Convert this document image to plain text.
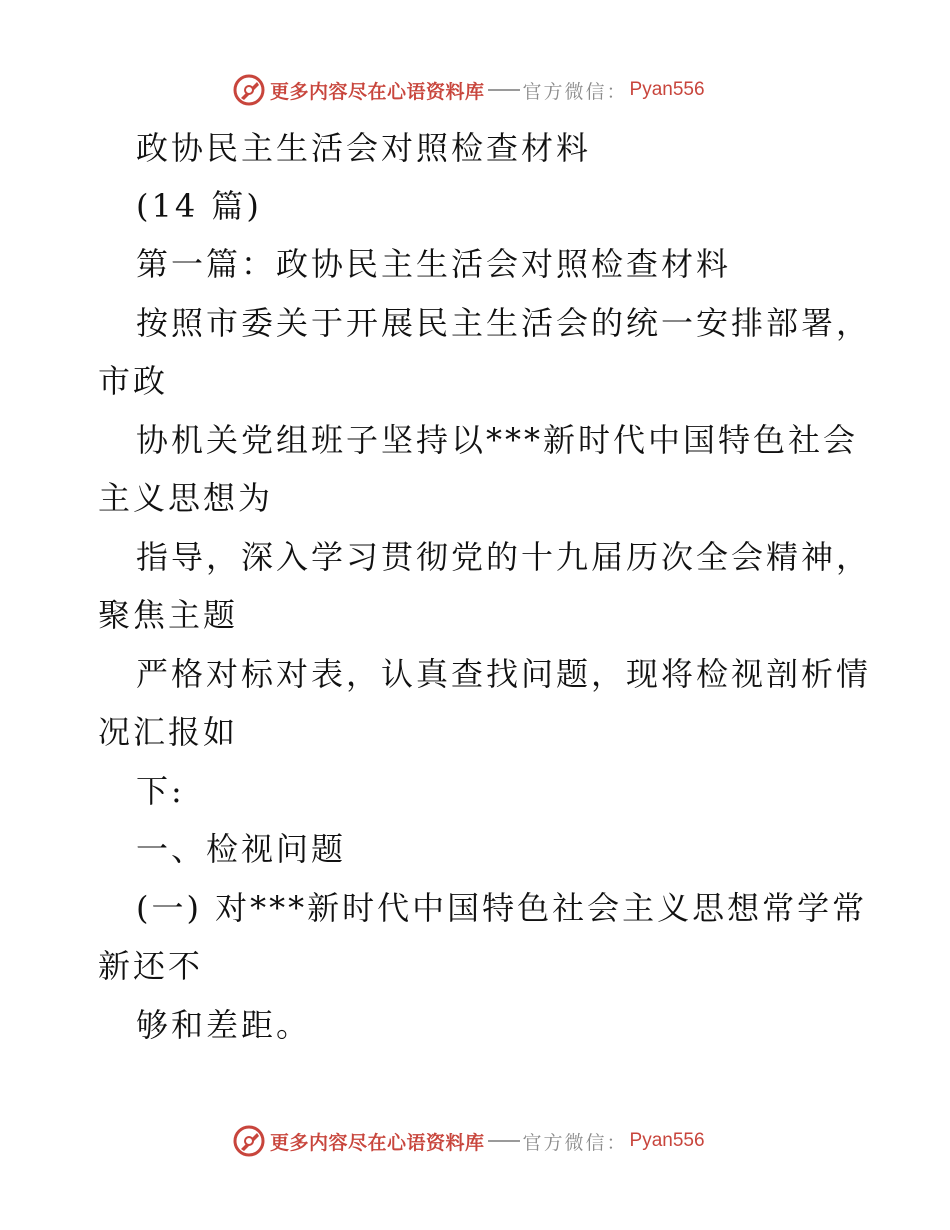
更多内容尽在心语资料库 官方微信： Pyan556
政协民主生活会对照检查材料
(14 篇)
第一篇：政协民主生活会对照检查材料
按照市委关于开展民主生活会的统一安排部署，
市政
协机关党组班子坚持以***新时代中国特色社会
主义思想为
指导，深入学习贯彻党的十九届历次全会精神，
聚焦主题
严格对标对表，认真查找问题，现将检视剖析情
况汇报如
下:
一、检视问题
(一) 对***新时代中国特色社会主义思想常学常
新还不
够和差距。
更多内容尽在心语资料库 官方微信： Pyan556
